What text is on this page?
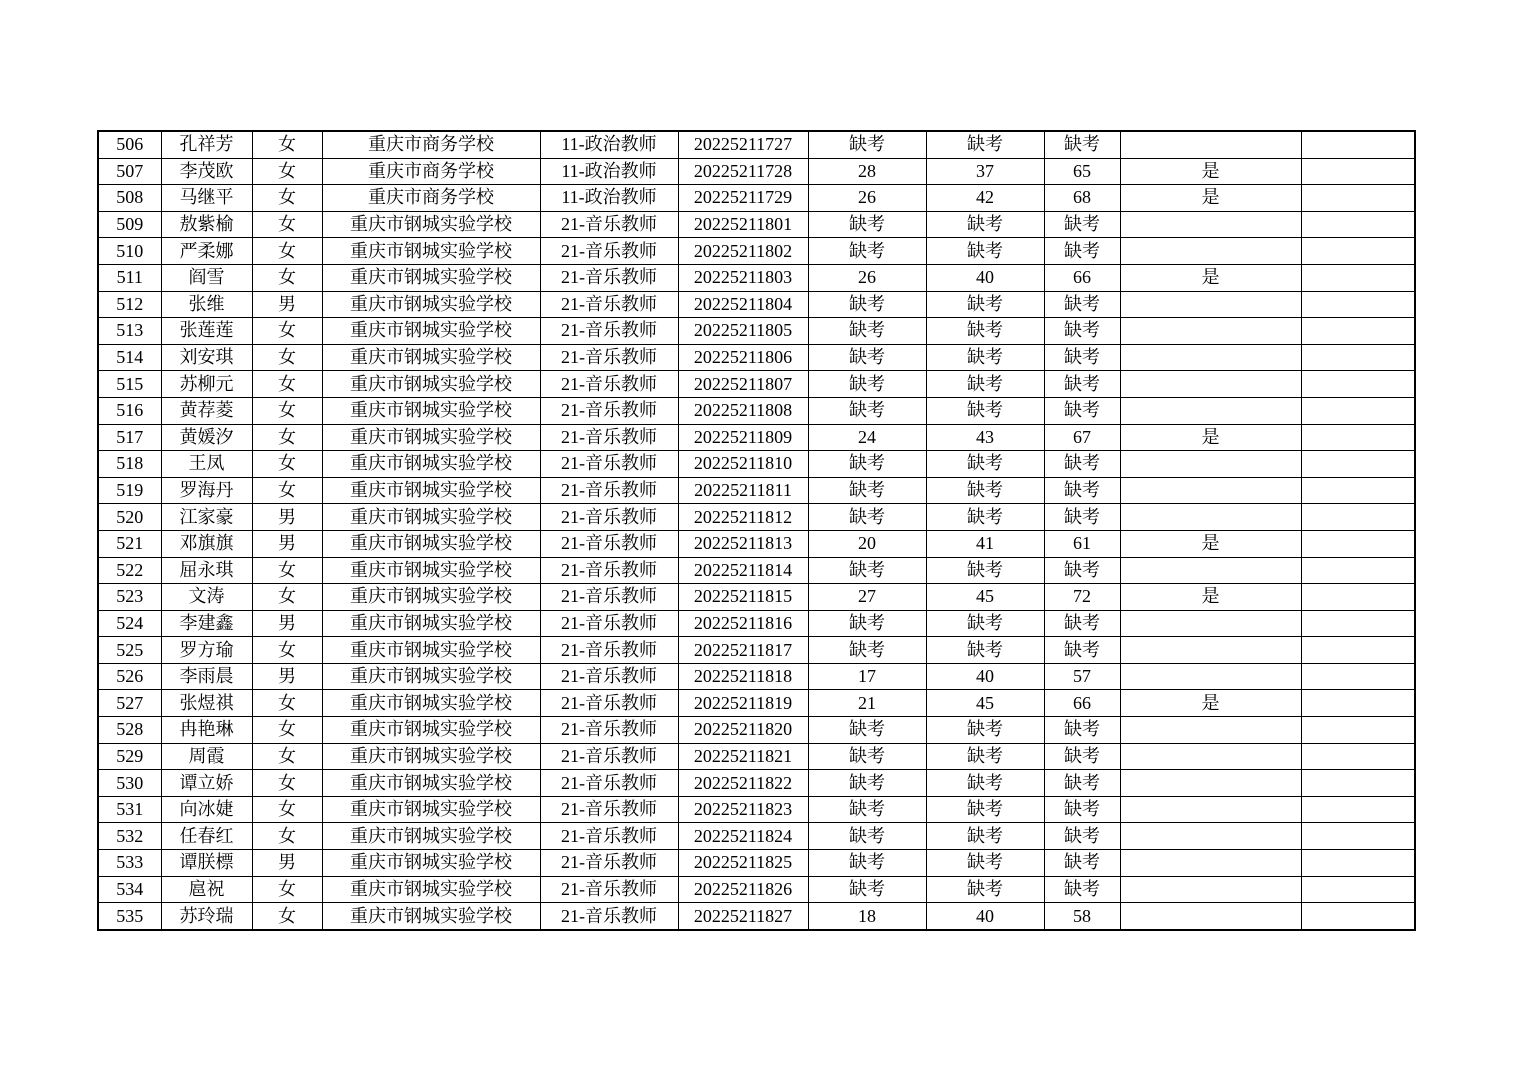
506	孔祥芳	女	重庆市商务学校	11-政治教师	20225211727	缺考	缺考	缺考		
507	李茂欧	女	重庆市商务学校	11-政治教师	20225211728	28	37	65	是	
508	马继平	女	重庆市商务学校	11-政治教师	20225211729	26	42	68	是	
509	敖紫榆	女	重庆市钢城实验学校	21-音乐教师	20225211801	缺考	缺考	缺考		
510	严柔娜	女	重庆市钢城实验学校	21-音乐教师	20225211802	缺考	缺考	缺考		
511	阎雪	女	重庆市钢城实验学校	21-音乐教师	20225211803	26	40	66	是	
512	张维	男	重庆市钢城实验学校	21-音乐教师	20225211804	缺考	缺考	缺考		
513	张莲莲	女	重庆市钢城实验学校	21-音乐教师	20225211805	缺考	缺考	缺考		
514	刘安琪	女	重庆市钢城实验学校	21-音乐教师	20225211806	缺考	缺考	缺考		
515	苏柳元	女	重庆市钢城实验学校	21-音乐教师	20225211807	缺考	缺考	缺考		
516	黄荐菱	女	重庆市钢城实验学校	21-音乐教师	20225211808	缺考	缺考	缺考		
517	黄媛汐	女	重庆市钢城实验学校	21-音乐教师	20225211809	24	43	67	是	
518	王凤	女	重庆市钢城实验学校	21-音乐教师	20225211810	缺考	缺考	缺考		
519	罗海丹	女	重庆市钢城实验学校	21-音乐教师	20225211811	缺考	缺考	缺考		
520	江家豪	男	重庆市钢城实验学校	21-音乐教师	20225211812	缺考	缺考	缺考		
521	邓旗旗	男	重庆市钢城实验学校	21-音乐教师	20225211813	20	41	61	是	
522	屈永琪	女	重庆市钢城实验学校	21-音乐教师	20225211814	缺考	缺考	缺考		
523	文涛	女	重庆市钢城实验学校	21-音乐教师	20225211815	27	45	72	是	
524	李建鑫	男	重庆市钢城实验学校	21-音乐教师	20225211816	缺考	缺考	缺考		
525	罗方瑜	女	重庆市钢城实验学校	21-音乐教师	20225211817	缺考	缺考	缺考		
526	李雨晨	男	重庆市钢城实验学校	21-音乐教师	20225211818	17	40	57		
527	张煜祺	女	重庆市钢城实验学校	21-音乐教师	20225211819	21	45	66	是	
528	冉艳琳	女	重庆市钢城实验学校	21-音乐教师	20225211820	缺考	缺考	缺考		
529	周霞	女	重庆市钢城实验学校	21-音乐教师	20225211821	缺考	缺考	缺考		
530	谭立娇	女	重庆市钢城实验学校	21-音乐教师	20225211822	缺考	缺考	缺考		
531	向冰婕	女	重庆市钢城实验学校	21-音乐教师	20225211823	缺考	缺考	缺考		
532	任春红	女	重庆市钢城实验学校	21-音乐教师	20225211824	缺考	缺考	缺考		
533	谭朕標	男	重庆市钢城实验学校	21-音乐教师	20225211825	缺考	缺考	缺考		
534	扈祝	女	重庆市钢城实验学校	21-音乐教师	20225211826	缺考	缺考	缺考		
535	苏玲瑞	女	重庆市钢城实验学校	21-音乐教师	20225211827	18	40	58		
